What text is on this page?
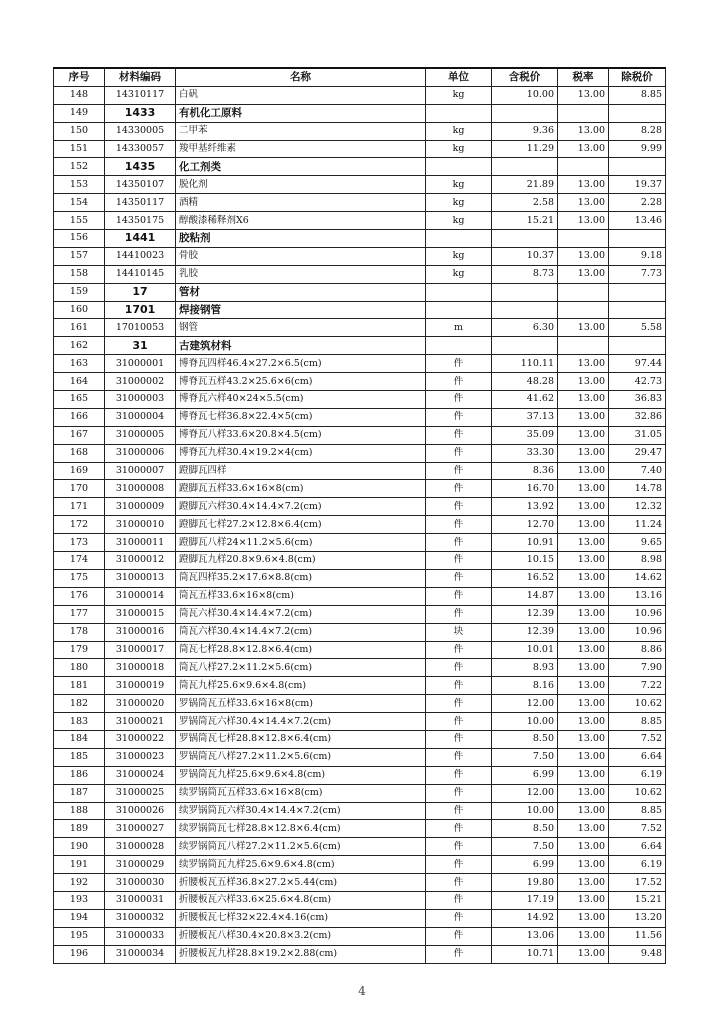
序号	材料编码	名称	单位	含税价	税率	除税价
148	14310117	白矾	kg	10.00	13.00	8.85
149	1433	有机化工原料				
150	14330005	二甲苯	kg	9.36	13.00	8.28
151	14330057	羧甲基纤维素	kg	11.29	13.00	9.99
152	1435	化工剂类				
153	14350107	脱化剂	kg	21.89	13.00	19.37
154	14350117	酒精	kg	2.58	13.00	2.28
155	14350175	醇酸漆稀释剂X6	kg	15.21	13.00	13.46
156	1441	胶粘剂				
157	14410023	骨胶	kg	10.37	13.00	9.18
158	14410145	乳胶	kg	8.73	13.00	7.73
159	17	管材				
160	1701	焊接钢管				
161	17010053	钢管	m	6.30	13.00	5.58
162	31	古建筑材料				
163	31000001	博脊瓦四样46.4×27.2×6.5(cm)	件	110.11	13.00	97.44
164	31000002	博脊瓦五样43.2×25.6×6(cm)	件	48.28	13.00	42.73
165	31000003	博脊瓦六样40×24×5.5(cm)	件	41.62	13.00	36.83
166	31000004	博脊瓦七样36.8×22.4×5(cm)	件	37.13	13.00	32.86
167	31000005	博脊瓦八样33.6×20.8×4.5(cm)	件	35.09	13.00	31.05
168	31000006	博脊瓦九样30.4×19.2×4(cm)	件	33.30	13.00	29.47
169	31000007	蹬脚瓦四样	件	8.36	13.00	7.40
170	31000008	蹬脚瓦五样33.6×16×8(cm)	件	16.70	13.00	14.78
171	31000009	蹬脚瓦六样30.4×14.4×7.2(cm)	件	13.92	13.00	12.32
172	31000010	蹬脚瓦七样27.2×12.8×6.4(cm)	件	12.70	13.00	11.24
173	31000011	蹬脚瓦八样24×11.2×5.6(cm)	件	10.91	13.00	9.65
174	31000012	蹬脚瓦九样20.8×9.6×4.8(cm)	件	10.15	13.00	8.98
175	31000013	筒瓦四样35.2×17.6×8.8(cm)	件	16.52	13.00	14.62
176	31000014	筒瓦五样33.6×16×8(cm)	件	14.87	13.00	13.16
177	31000015	筒瓦六样30.4×14.4×7.2(cm)	件	12.39	13.00	10.96
178	31000016	筒瓦六样30.4×14.4×7.2(cm)	块	12.39	13.00	10.96
179	31000017	筒瓦七样28.8×12.8×6.4(cm)	件	10.01	13.00	8.86
180	31000018	筒瓦八样27.2×11.2×5.6(cm)	件	8.93	13.00	7.90
181	31000019	筒瓦九样25.6×9.6×4.8(cm)	件	8.16	13.00	7.22
182	31000020	罗锅筒瓦五样33.6×16×8(cm)	件	12.00	13.00	10.62
183	31000021	罗锅筒瓦六样30.4×14.4×7.2(cm)	件	10.00	13.00	8.85
184	31000022	罗锅筒瓦七样28.8×12.8×6.4(cm)	件	8.50	13.00	7.52
185	31000023	罗锅筒瓦八样27.2×11.2×5.6(cm)	件	7.50	13.00	6.64
186	31000024	罗锅筒瓦九样25.6×9.6×4.8(cm)	件	6.99	13.00	6.19
187	31000025	续罗锅筒瓦五样33.6×16×8(cm)	件	12.00	13.00	10.62
188	31000026	续罗锅筒瓦六样30.4×14.4×7.2(cm)	件	10.00	13.00	8.85
189	31000027	续罗锅筒瓦七样28.8×12.8×6.4(cm)	件	8.50	13.00	7.52
190	31000028	续罗锅筒瓦八样27.2×11.2×5.6(cm)	件	7.50	13.00	6.64
191	31000029	续罗锅筒瓦九样25.6×9.6×4.8(cm)	件	6.99	13.00	6.19
192	31000030	折腰板瓦五样36.8×27.2×5.44(cm)	件	19.80	13.00	17.52
193	31000031	折腰板瓦六样33.6×25.6×4.8(cm)	件	17.19	13.00	15.21
194	31000032	折腰板瓦七样32×22.4×4.16(cm)	件	14.92	13.00	13.20
195	31000033	折腰板瓦八样30.4×20.8×3.2(cm)	件	13.06	13.00	11.56
196	31000034	折腰板瓦九样28.8×19.2×2.88(cm)	件	10.71	13.00	9.48
4
